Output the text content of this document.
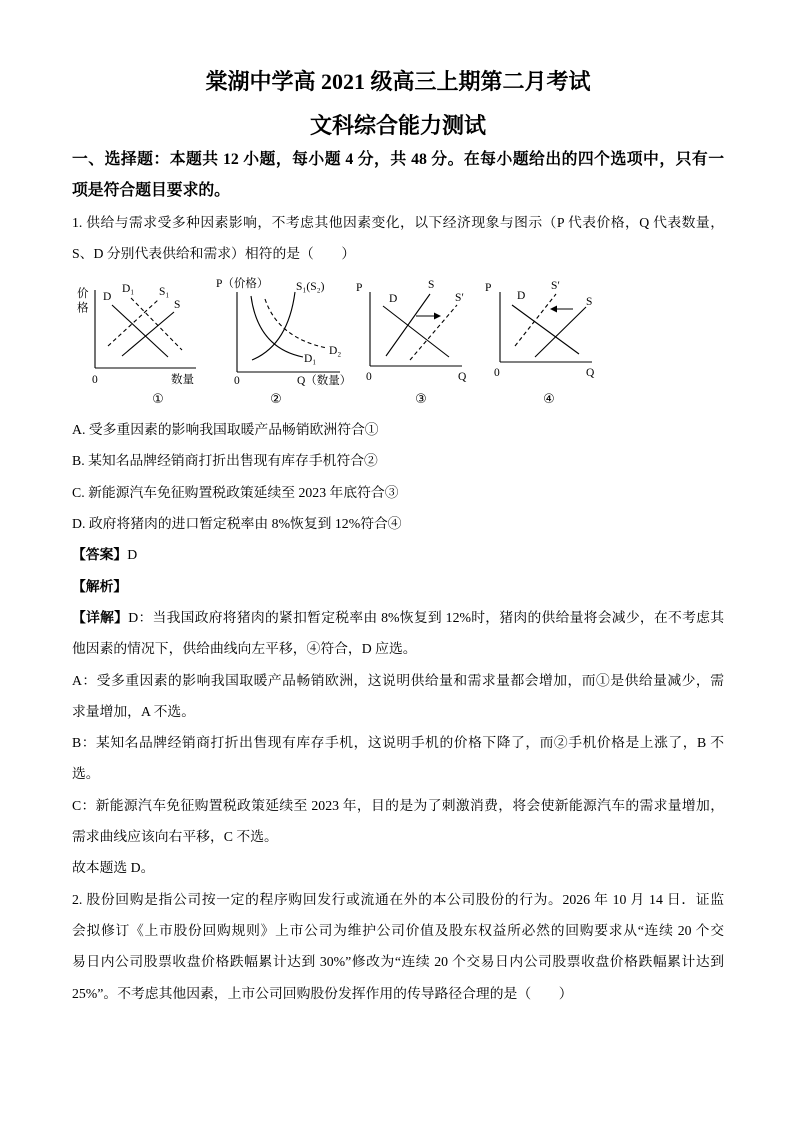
棠湖中学高 2021 级高三上期第二月考试
文科综合能力测试
一、选择题：本题共 12 小题，每小题 4 分，共 48 分。在每小题给出的四个选项中，只有一
项是符合题目要求的。
1. 供给与需求受多种因素影响，不考虑其他因素变化，以下经济现象与图示（P 代表价格，Q 代表数量，
S、D 分别代表供给和需求）相符的是（　　）
价格
0	数量
D
D₁ S₁
S
①
P（价格）
0	Q（数量）
S₁(S₂)
D₂
D₁
②
P
0	Q
D
S
S′
③
P
0	Q
D
S′
S
④
A. 受多重因素的影响我国取暖产品畅销欧洲符合①
B. 某知名品牌经销商打折出售现有库存手机符合②
C. 新能源汽车免征购置税政策延续至 2023 年底符合③
D. 政府将猪肉的进口暂定税率由 8%恢复到 12%符合④
【答案】D
【解析】
【详解】D：当我国政府将猪肉的紧扣暂定税率由 8%恢复到 12%时，猪肉的供给量将会减少，在不考虑其
他因素的情况下，供给曲线向左平移，④符合，D 应选。
A：受多重因素的影响我国取暖产品畅销欧洲，这说明供给量和需求量都会增加，而①是供给量减少，需
求量增加，A 不选。
B：某知名品牌经销商打折出售现有库存手机，这说明手机的价格下降了，而②手机价格是上涨了，B 不
选。
C：新能源汽车免征购置税政策延续至 2023 年，目的是为了刺激消费，将会使新能源汽车的需求量增加，
需求曲线应该向右平移，C 不选。
故本题选 D。
2. 股份回购是指公司按一定的程序购回发行或流通在外的本公司股份的行为。2026 年 10 月 14 日．证监
会拟修订《上市股份回购规则》上市公司为维护公司价值及股东权益所必然的回购要求从“连续 20 个交
易日内公司股票收盘价格跌幅累计达到 30%”修改为“连续 20 个交易日内公司股票收盘价格跌幅累计达到
25%”。不考虑其他因素，上市公司回购股份发挥作用的传导路径合理的是（　　）
